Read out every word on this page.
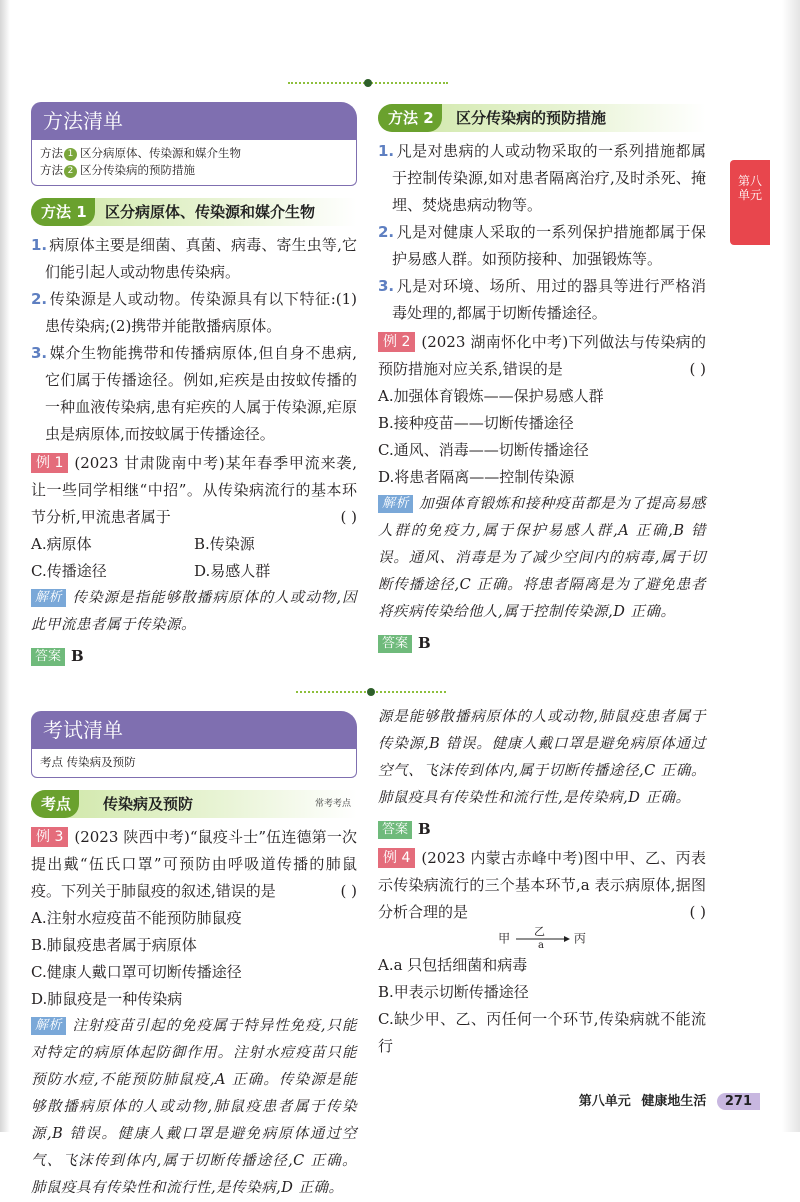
方法清单
方法 1 区分病原体、传染源和媒介生物
方法 2 区分传染病的预防措施
方法 1	区分病原体、传染源和媒介生物
1. 病原体主要是细菌、真菌、病毒、寄生虫等,它们能引起人或动物患传染病。
2. 传染源是人或动物。传染源具有以下特征:(1)患传染病;(2)携带并能散播病原体。
3. 媒介生物能携带和传播病原体,但自身不患病,它们属于传播途径。例如,疟疾是由按蚊传播的一种血液传染病,患有疟疾的人属于传染源,疟原虫是病原体,而按蚊属于传播途径。
例 1 (2023 甘肃陇南中考)某年春季甲流来袭,让一些同学相继“中招”。从传染病流行的基本环节分析,甲流患者属于	( )
A.病原体	B.传染源
C.传播途径	D.易感人群
解析 传染源是指能够散播病原体的人或动物,因此甲流患者属于传染源。
答案 B
方法 2	区分传染病的预防措施
1. 凡是对患病的人或动物采取的一系列措施都属于控制传染源,如对患者隔离治疗,及时杀死、掩埋、焚烧患病动物等。
2. 凡是对健康人采取的一系列保护措施都属于保护易感人群。如预防接种、加强锻炼等。
3. 凡是对环境、场所、用过的器具等进行严格消毒处理的,都属于切断传播途径。
例 2 (2023 湖南怀化中考)下列做法与传染病的预防措施对应关系,错误的是	( )
A.加强体育锻炼——保护易感人群
B.接种疫苗——切断传播途径
C.通风、消毒——切断传播途径
D.将患者隔离——控制传染源
解析 加强体育锻炼和接种疫苗都是为了提高易感人群的免疫力,属于保护易感人群,A 正确,B 错误。通风、消毒是为了减少空间内的病毒,属于切断传播途径,C 正确。将患者隔离是为了避免患者将疾病传染给他人,属于控制传染源,D 正确。
答案 B
第八
单元
考试清单
考点 传染病及预防
考点	传染病及预防	常考考点
例 3 (2023 陕西中考)“鼠疫斗士”伍连德第一次提出戴“伍氏口罩”可预防由呼吸道传播的肺鼠疫。下列关于肺鼠疫的叙述,错误的是	( )
A.注射水痘疫苗不能预防肺鼠疫
B.肺鼠疫患者属于病原体
C.健康人戴口罩可切断传播途径
D.肺鼠疫是一种传染病
解析 注射疫苗引起的免疫属于特异性免疫,只能对特定的病原体起防御作用。注射水痘疫苗只能预防水痘,不能预防肺鼠疫,A 正确。传染源是能够散播病原体的人或动物,肺鼠疫患者属于传染源,B 错误。健康人戴口罩是避免病原体通过空气、飞沫传到体内,属于切断传播途径,C 正确。肺鼠疫具有传染性和流行性,是传染病,D 正确。
源是能够散播病原体的人或动物,肺鼠疫患者属于传染源,B 错误。健康人戴口罩是避免病原体通过空气、飞沫传到体内,属于切断传播途径,C 正确。肺鼠疫具有传染性和流行性,是传染病,D 正确。
答案 B
例 4 (2023 内蒙古赤峰中考)图中甲、乙、丙表示传染病流行的三个基本环节,a 表示病原体,据图分析合理的是	( )
甲 乙
a 丙
A.a 只包括细菌和病毒
B.甲表示切断传播途径
C.缺少甲、乙、丙任何一个环节,传染病就不能流行
第八单元 健康地生活 271
